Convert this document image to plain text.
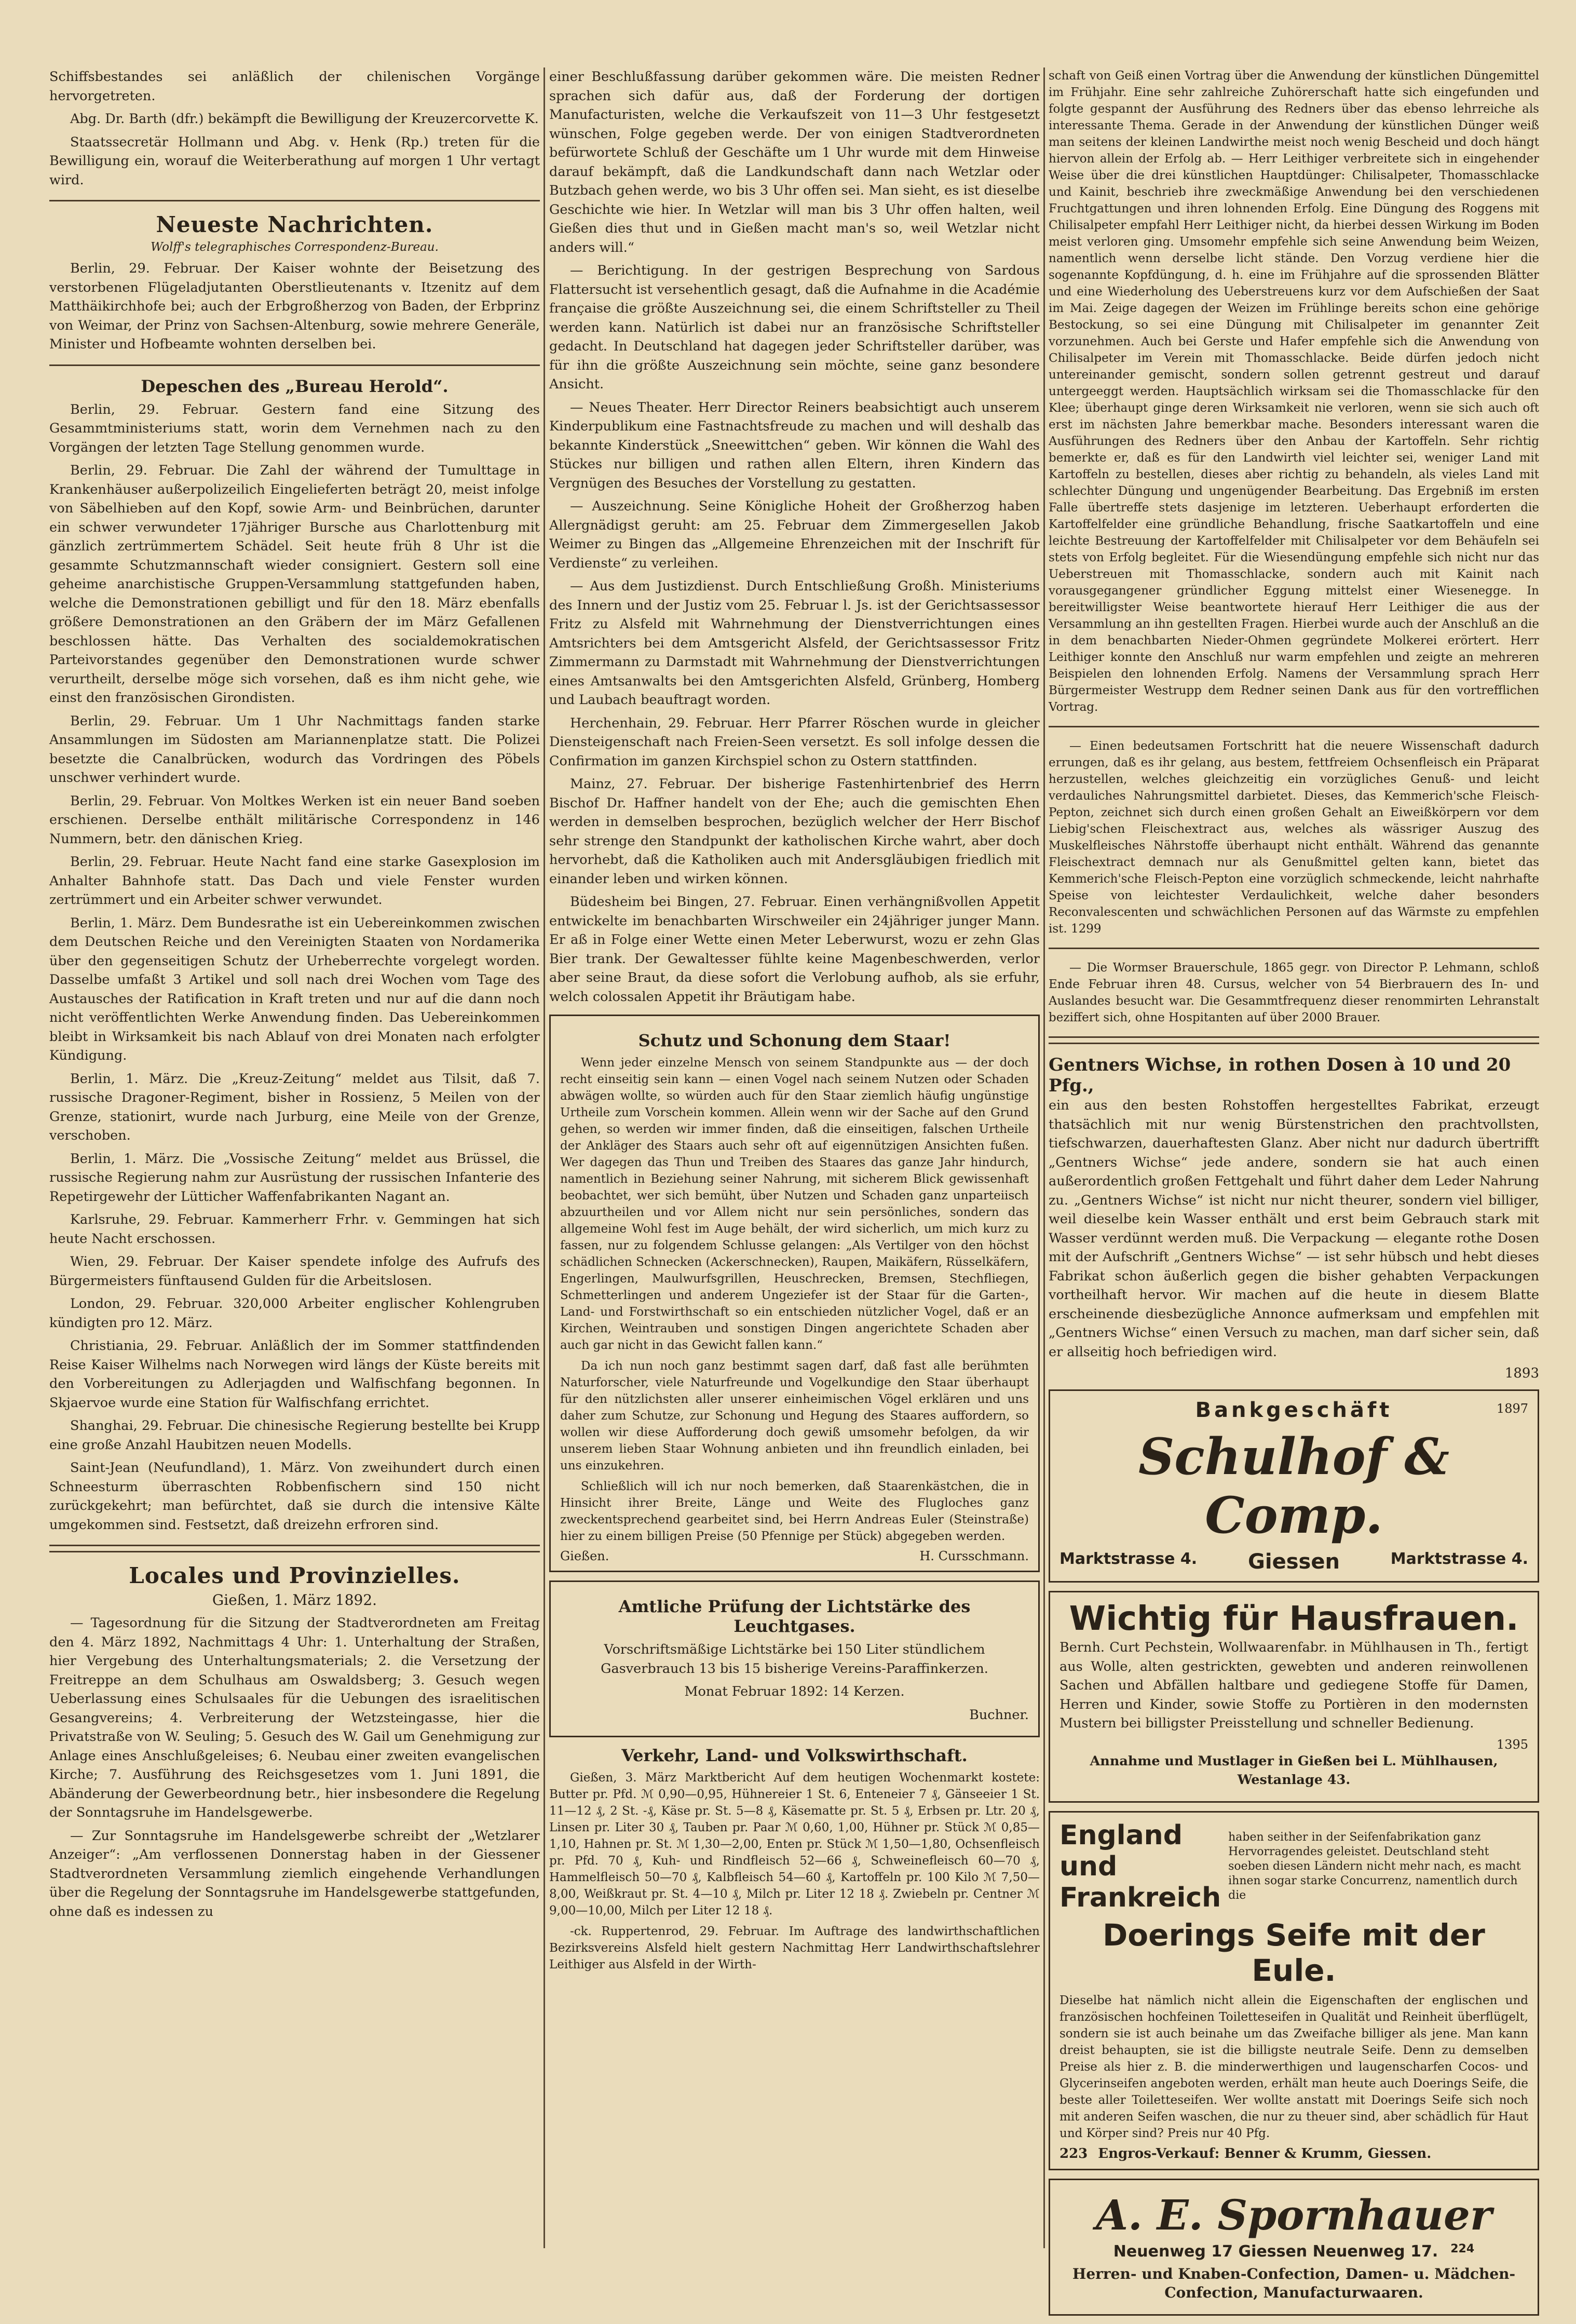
Schiffsbestandes sei anläßlich der chilenischen Vorgänge hervorgetreten.

Abg. Dr. Barth (dfr.) bekämpft die Bewilligung der Kreuzercorvette K.

Staatssecretär Hollmann und Abg. v. Henk (Rp.) treten für die Bewilligung ein, worauf die Weiterberathung auf morgen 1 Uhr vertagt wird.

Neueste Nachrichten.
Wolff's telegraphisches Correspondenz-Bureau.

Berlin, 29. Februar. Der Kaiser wohnte der Beisetzung des verstorbenen Flügeladjutanten Oberstlieutenants v. Itzenitz auf dem Matthäikirchhofe bei; auch der Erbgroßherzog von Baden, der Erbprinz von Weimar, der Prinz von Sachsen-Altenburg, sowie mehrere Generäle, Minister und Hofbeamte wohnten derselben bei.

Depeschen des „Bureau Herold“.

Berlin, 29. Februar. Gestern fand eine Sitzung des Gesammtministeriums statt, worin dem Vernehmen nach zu den Vorgängen der letzten Tage Stellung genommen wurde.

Berlin, 29. Februar. Die Zahl der während der Tumulttage in Krankenhäuser außerpolizeilich Eingelieferten beträgt 20, meist infolge von Säbelhieben auf den Kopf, sowie Arm- und Beinbrüchen, darunter ein schwer verwundeter 17jähriger Bursche aus Charlottenburg mit gänzlich zertrümmertem Schädel. Seit heute früh 8 Uhr ist die gesammte Schutzmannschaft wieder consigniert. Gestern soll eine geheime anarchistische Gruppen-Versammlung stattgefunden haben, welche die Demonstrationen gebilligt und für den 18. März ebenfalls größere Demonstrationen an den Gräbern der im März Gefallenen beschlossen hätte. Das Verhalten des socialdemokratischen Parteivorstandes gegenüber den Demonstrationen wurde schwer verurtheilt, derselbe möge sich vorsehen, daß es ihm nicht gehe, wie einst den französischen Girondisten.

Berlin, 29. Februar. Um 1 Uhr Nachmittags fanden starke Ansammlungen im Südosten am Mariannenplatze statt. Die Polizei besetzte die Canalbrücken, wodurch das Vordringen des Pöbels unschwer verhindert wurde.

Berlin, 29. Februar. Von Moltkes Werken ist ein neuer Band soeben erschienen. Derselbe enthält militärische Correspondenz in 146 Nummern, betr. den dänischen Krieg.

Berlin, 29. Februar. Heute Nacht fand eine starke Gasexplosion im Anhalter Bahnhofe statt. Das Dach und viele Fenster wurden zertrümmert und ein Arbeiter schwer verwundet.

Berlin, 1. März. Dem Bundesrathe ist ein Uebereinkommen zwischen dem Deutschen Reiche und den Vereinigten Staaten von Nordamerika über den gegenseitigen Schutz der Urheberrechte vorgelegt worden. Dasselbe umfaßt 3 Artikel und soll nach drei Wochen vom Tage des Austausches der Ratification in Kraft treten und nur auf die dann noch nicht veröffentlichten Werke Anwendung finden. Das Uebereinkommen bleibt in Wirksamkeit bis nach Ablauf von drei Monaten nach erfolgter Kündigung.

Berlin, 1. März. Die „Kreuz-Zeitung“ meldet aus Tilsit, daß 7. russische Dragoner-Regiment, bisher in Rossienz, 5 Meilen von der Grenze, stationirt, wurde nach Jurburg, eine Meile von der Grenze, verschoben.

Berlin, 1. März. Die „Vossische Zeitung“ meldet aus Brüssel, die russische Regierung nahm zur Ausrüstung der russischen Infanterie des Repetirgewehr der Lütticher Waffenfabrikanten Nagant an.

Karlsruhe, 29. Februar. Kammerherr Frhr. v. Gemmingen hat sich heute Nacht erschossen.

Wien, 29. Februar. Der Kaiser spendete infolge des Aufrufs des Bürgermeisters fünftausend Gulden für die Arbeitslosen.

London, 29. Februar. 320,000 Arbeiter englischer Kohlengruben kündigten pro 12. März.

Christiania, 29. Februar. Anläßlich der im Sommer stattfindenden Reise Kaiser Wilhelms nach Norwegen wird längs der Küste bereits mit den Vorbereitungen zu Adlerjagden und Walfischfang begonnen. In Skjaervoe wurde eine Station für Walfischfang errichtet.

Shanghai, 29. Februar. Die chinesische Regierung bestellte bei Krupp eine große Anzahl Haubitzen neuen Modells.

Saint-Jean (Neufundland), 1. März. Von zweihundert durch einen Schneesturm überraschten Robbenfischern sind 150 nicht zurückgekehrt; man befürchtet, daß sie durch die intensive Kälte umgekommen sind. Festsetzt, daß dreizehn erfroren sind.

Locales und Provinzielles.
Gießen, 1. März 1892.

— Tagesordnung für die Sitzung der Stadtverordneten am Freitag den 4. März 1892, Nachmittags 4 Uhr: 1. Unterhaltung der Straßen, hier Vergebung des Unterhaltungsmaterials; 2. die Versetzung der Freitreppe an dem Schulhaus am Oswaldsberg; 3. Gesuch wegen Ueberlassung eines Schulsaales für die Uebungen des israelitischen Gesangvereins; 4. Verbreiterung der Wetzsteingasse, hier die Privatstraße von W. Seuling; 5. Gesuch des W. Gail um Genehmigung zur Anlage eines Anschlußgeleises; 6. Neubau einer zweiten evangelischen Kirche; 7. Ausführung des Reichsgesetzes vom 1. Juni 1891, die Abänderung der Gewerbeordnung betr., hier insbesondere die Regelung der Sonntagsruhe im Handelsgewerbe.

— Zur Sonntagsruhe im Handelsgewerbe schreibt der „Wetzlarer Anzeiger“: „Am verflossenen Donnerstag haben in der Giessener Stadtverordneten Versammlung ziemlich eingehende Verhandlungen über die Regelung der Sonntagsruhe im Handelsgewerbe stattgefunden, ohne daß es indessen zu

einer Beschlußfassung darüber gekommen wäre. Die meisten Redner sprachen sich dafür aus, daß der Forderung der dortigen Manufacturisten, welche die Verkaufszeit von 11—3 Uhr festgesetzt wünschen, Folge gegeben werde. Der von einigen Stadtverordneten befürwortete Schluß der Geschäfte um 1 Uhr wurde mit dem Hinweise darauf bekämpft, daß die Landkundschaft dann nach Wetzlar oder Butzbach gehen werde, wo bis 3 Uhr offen sei. Man sieht, es ist dieselbe Geschichte wie hier. In Wetzlar will man bis 3 Uhr offen halten, weil Gießen dies thut und in Gießen macht man's so, weil Wetzlar nicht anders will.“

— Berichtigung. In der gestrigen Besprechung von Sardous Flattersucht ist versehentlich gesagt, daß die Aufnahme in die Académie française die größte Auszeichnung sei, die einem Schriftsteller zu Theil werden kann. Natürlich ist dabei nur an französische Schriftsteller gedacht. In Deutschland hat dagegen jeder Schriftsteller darüber, was für ihn die größte Auszeichnung sein möchte, seine ganz besondere Ansicht.

— Neues Theater. Herr Director Reiners beabsichtigt auch unserem Kinderpublikum eine Fastnachtsfreude zu machen und will deshalb das bekannte Kinderstück „Sneewittchen“ geben. Wir können die Wahl des Stückes nur billigen und rathen allen Eltern, ihren Kindern das Vergnügen des Besuches der Vorstellung zu gestatten.

— Auszeichnung. Seine Königliche Hoheit der Großherzog haben Allergnädigst geruht: am 25. Februar dem Zimmergesellen Jakob Weimer zu Bingen das „Allgemeine Ehrenzeichen mit der Inschrift für Verdienste“ zu verleihen.

— Aus dem Justizdienst. Durch Entschließung Großh. Ministeriums des Innern und der Justiz vom 25. Februar l. Js. ist der Gerichtsassessor Fritz zu Alsfeld mit Wahrnehmung der Dienstverrichtungen eines Amtsrichters bei dem Amtsgericht Alsfeld, der Gerichtsassessor Fritz Zimmermann zu Darmstadt mit Wahrnehmung der Dienstverrichtungen eines Amtsanwalts bei den Amtsgerichten Alsfeld, Grünberg, Homberg und Laubach beauftragt worden.

Herchenhain, 29. Februar. Herr Pfarrer Röschen wurde in gleicher Diensteigenschaft nach Freien-Seen versetzt. Es soll infolge dessen die Confirmation im ganzen Kirchspiel schon zu Ostern stattfinden.

Mainz, 27. Februar. Der bisherige Fastenhirtenbrief des Herrn Bischof Dr. Haffner handelt von der Ehe; auch die gemischten Ehen werden in demselben besprochen, bezüglich welcher der Herr Bischof sehr strenge den Standpunkt der katholischen Kirche wahrt, aber doch hervorhebt, daß die Katholiken auch mit Andersgläubigen friedlich mit einander leben und wirken können.

Büdesheim bei Bingen, 27. Februar. Einen verhängnißvollen Appetit entwickelte im benachbarten Wirschweiler ein 24jähriger junger Mann. Er aß in Folge einer Wette einen Meter Leberwurst, wozu er zehn Glas Bier trank. Der Gewaltesser fühlte keine Magenbeschwerden, verlor aber seine Braut, da diese sofort die Verlobung aufhob, als sie erfuhr, welch colossalen Appetit ihr Bräutigam habe.

Schutz und Schonung dem Staar!

Wenn jeder einzelne Mensch von seinem Standpunkte aus — der doch recht einseitig sein kann — einen Vogel nach seinem Nutzen oder Schaden abwägen wollte, so würden auch für den Staar ziemlich häufig ungünstige Urtheile zum Vorschein kommen. Allein wenn wir der Sache auf den Grund gehen, so werden wir immer finden, daß die einseitigen, falschen Urtheile der Ankläger des Staars auch sehr oft auf eigennützigen Ansichten fußen. Wer dagegen das Thun und Treiben des Staares das ganze Jahr hindurch, namentlich in Beziehung seiner Nahrung, mit sicherem Blick gewissenhaft beobachtet, wer sich bemüht, über Nutzen und Schaden ganz unparteiisch abzuurtheilen und vor Allem nicht nur sein persönliches, sondern das allgemeine Wohl fest im Auge behält, der wird sicherlich, um mich kurz zu fassen, nur zu folgendem Schlusse gelangen: „Als Vertilger von den höchst schädlichen Schnecken (Ackerschnecken), Raupen, Maikäfern, Rüsselkäfern, Engerlingen, Maulwurfsgrillen, Heuschrecken, Bremsen, Stechfliegen, Schmetterlingen und anderem Ungeziefer ist der Staar für die Garten-, Land- und Forstwirthschaft so ein entschieden nützlicher Vogel, daß er an Kirchen, Weintrauben und sonstigen Dingen angerichtete Schaden aber auch gar nicht in das Gewicht fallen kann.“

Da ich nun noch ganz bestimmt sagen darf, daß fast alle berühmten Naturforscher, viele Naturfreunde und Vogelkundige den Staar überhaupt für den nützlichsten aller unserer einheimischen Vögel erklären und uns daher zum Schutze, zur Schonung und Hegung des Staares auffordern, so wollen wir diese Aufforderung doch gewiß umsomehr befolgen, da wir unserem lieben Staar Wohnung anbieten und ihn freundlich einladen, bei uns einzukehren.

Schließlich will ich nur noch bemerken, daß Staarenkästchen, die in Hinsicht ihrer Breite, Länge und Weite des Flugloches ganz zweckentsprechend gearbeitet sind, bei Herrn Andreas Euler (Steinstraße) hier zu einem billigen Preise (50 Pfennige per Stück) abgegeben werden.

Gießen.	H. Cursschmann.
Amtliche Prüfung der Lichtstärke des Leuchtgases.

Vorschriftsmäßige Lichtstärke bei 150 Liter stündlichem Gasverbrauch 13 bis 15 bisherige Vereins-Paraffinkerzen.

Monat Februar 1892: 14 Kerzen.

Buchner.

Verkehr, Land- und Volkswirthschaft.

Gießen, 3. März Marktbericht Auf dem heutigen Wochenmarkt kostete: Butter pr. Pfd. ℳ 0,90—0,95, Hühnereier 1 St. 6, Enteneier 7 ₰, Gänseeier 1 St. 11—12 ₰, 2 St. -₰, Käse pr. St. 5—8 ₰, Käsematte pr. St. 5 ₰, Erbsen pr. Ltr. 20 ₰, Linsen pr. Liter 30 ₰, Tauben pr. Paar ℳ 0,60, 1,00, Hühner pr. Stück ℳ 0,85—1,10, Hahnen pr. St. ℳ 1,30—2,00, Enten pr. Stück ℳ 1,50—1,80, Ochsenfleisch pr. Pfd. 70 ₰, Kuh- und Rindfleisch 52—66 ₰, Schweinefleisch 60—70 ₰, Hammelfleisch 50—70 ₰, Kalbfleisch 54—60 ₰, Kartoffeln pr. 100 Kilo ℳ 7,50—8,00, Weißkraut pr. St. 4—10 ₰, Milch pr. Liter 12 18 ₰. Zwiebeln pr. Centner ℳ 9,00—10,00, Milch per Liter 12 18 ₰.

-ck. Ruppertenrod, 29. Februar. Im Auftrage des landwirthschaftlichen Bezirksvereins Alsfeld hielt gestern Nachmittag Herr Landwirthschaftslehrer Leithiger aus Alsfeld in der Wirth-

schaft von Geiß einen Vortrag über die Anwendung der künstlichen Düngemittel im Frühjahr. Eine sehr zahlreiche Zuhörerschaft hatte sich eingefunden und folgte gespannt der Ausführung des Redners über das ebenso lehrreiche als interessante Thema. Gerade in der Anwendung der künstlichen Dünger weiß man seitens der kleinen Landwirthe meist noch wenig Bescheid und doch hängt hiervon allein der Erfolg ab. — Herr Leithiger verbreitete sich in eingehender Weise über die drei künstlichen Hauptdünger: Chilisalpeter, Thomasschlacke und Kainit, beschrieb ihre zweckmäßige Anwendung bei den verschiedenen Fruchtgattungen und ihren lohnenden Erfolg. Eine Düngung des Roggens mit Chilisalpeter empfahl Herr Leithiger nicht, da hierbei dessen Wirkung im Boden meist verloren ging. Umsomehr empfehle sich seine Anwendung beim Weizen, namentlich wenn derselbe licht stände. Den Vorzug verdiene hier die sogenannte Kopfdüngung, d. h. eine im Frühjahre auf die sprossenden Blätter und eine Wiederholung des Ueberstreuens kurz vor dem Aufschießen der Saat im Mai. Zeige dagegen der Weizen im Frühlinge bereits schon eine gehörige Bestockung, so sei eine Düngung mit Chilisalpeter im genannter Zeit vorzunehmen. Auch bei Gerste und Hafer empfehle sich die Anwendung von Chilisalpeter im Verein mit Thomasschlacke. Beide dürfen jedoch nicht untereinander gemischt, sondern sollen getrennt gestreut und darauf untergeeggt werden. Hauptsächlich wirksam sei die Thomasschlacke für den Klee; überhaupt ginge deren Wirksamkeit nie verloren, wenn sie sich auch oft erst im nächsten Jahre bemerkbar mache. Besonders interessant waren die Ausführungen des Redners über den Anbau der Kartoffeln. Sehr richtig bemerkte er, daß es für den Landwirth viel leichter sei, weniger Land mit Kartoffeln zu bestellen, dieses aber richtig zu behandeln, als vieles Land mit schlechter Düngung und ungenügender Bearbeitung. Das Ergebniß im ersten Falle übertreffe stets dasjenige im letzteren. Ueberhaupt erforderten die Kartoffelfelder eine gründliche Behandlung, frische Saatkartoffeln und eine leichte Bestreuung der Kartoffelfelder mit Chilisalpeter vor dem Behäufeln sei stets von Erfolg begleitet. Für die Wiesendüngung empfehle sich nicht nur das Ueberstreuen mit Thomasschlacke, sondern auch mit Kainit nach vorausgegangener gründlicher Eggung mittelst einer Wiesenegge. In bereitwilligster Weise beantwortete hierauf Herr Leithiger die aus der Versammlung an ihn gestellten Fragen. Hierbei wurde auch der Anschluß an die in dem benachbarten Nieder-Ohmen gegründete Molkerei erörtert. Herr Leithiger konnte den Anschluß nur warm empfehlen und zeigte an mehreren Beispielen den lohnenden Erfolg. Namens der Versammlung sprach Herr Bürgermeister Westrupp dem Redner seinen Dank aus für den vortrefflichen Vortrag.

— Einen bedeutsamen Fortschritt hat die neuere Wissenschaft dadurch errungen, daß es ihr gelang, aus bestem, fettfreiem Ochsenfleisch ein Präparat herzustellen, welches gleichzeitig ein vorzügliches Genuß- und leicht verdauliches Nahrungsmittel darbietet. Dieses, das Kemmerich'sche Fleisch-Pepton, zeichnet sich durch einen großen Gehalt an Eiweißkörpern vor dem Liebig'schen Fleischextract aus, welches als wässriger Auszug des Muskelfleisches Nährstoffe überhaupt nicht enthält. Während das genannte Fleischextract demnach nur als Genußmittel gelten kann, bietet das Kemmerich'sche Fleisch-Pepton eine vorzüglich schmeckende, leicht nahrhafte Speise von leichtester Verdaulichkeit, welche daher besonders Reconvalescenten und schwächlichen Personen auf das Wärmste zu empfehlen ist. 1299

— Die Wormser Brauerschule, 1865 gegr. von Director P. Lehmann, schloß Ende Februar ihren 48. Cursus, welcher von 54 Bierbrauern des In- und Auslandes besucht war. Die Gesammtfrequenz dieser renommirten Lehranstalt beziffert sich, ohne Hospitanten auf über 2000 Brauer.

Gentners Wichse, in rothen Dosen à 10 und 20 Pfg.,

ein aus den besten Rohstoffen hergestelltes Fabrikat, erzeugt thatsächlich mit nur wenig Bürstenstrichen den prachtvollsten, tiefschwarzen, dauerhaftesten Glanz. Aber nicht nur dadurch übertrifft „Gentners Wichse“ jede andere, sondern sie hat auch einen außerordentlich großen Fettgehalt und führt daher dem Leder Nahrung zu. „Gentners Wichse“ ist nicht nur nicht theurer, sondern viel billiger, weil dieselbe kein Wasser enthält und erst beim Gebrauch stark mit Wasser verdünnt werden muß. Die Verpackung — elegante rothe Dosen mit der Aufschrift „Gentners Wichse“ — ist sehr hübsch und hebt dieses Fabrikat schon äußerlich gegen die bisher gehabten Verpackungen vortheilhaft hervor. Wir machen auf die heute in diesem Blatte erscheinende diesbezügliche Annonce aufmerksam und empfehlen mit „Gentners Wichse“ einen Versuch zu machen, man darf sicher sein, daß er allseitig hoch befriedigen wird.

1893
Bankgeschäft	1897
Schulhof & Comp.
Marktstrasse 4. Giessen	Marktstrasse 4.
Wichtig für Hausfrauen.

Bernh. Curt Pechstein, Wollwaarenfabr. in Mühlhausen in Th., fertigt aus Wolle, alten gestrickten, gewebten und anderen reinwollenen Sachen und Abfällen haltbare und gediegene Stoffe für Damen, Herren und Kinder, sowie Stoffe zu Portièren in den modernsten Mustern bei billigster Preisstellung und schneller Bedienung.

1395

Annahme und Mustlager in Gießen bei L. Mühlhausen, Westanlage 43.

England und Frankreich
haben seither in der Seifenfabrikation ganz Hervorragendes geleistet. Deutschland steht soeben diesen Ländern nicht mehr nach, es macht ihnen sogar starke Concurrenz, namentlich durch die
Doerings Seife mit der Eule.

Dieselbe hat nämlich nicht allein die Eigenschaften der englischen und französischen hochfeinen Toiletteseifen in Qualität und Reinheit überflügelt, sondern sie ist auch beinahe um das Zweifache billiger als jene. Man kann dreist behaupten, sie ist die billigste neutrale Seife. Denn zu demselben Preise als hier z. B. die minderwerthigen und laugenscharfen Cocos- und Glycerinseifen angeboten werden, erhält man heute auch Doerings Seife, die beste aller Toiletteseifen. Wer wollte anstatt mit Doerings Seife sich noch mit anderen Seifen waschen, die nur zu theuer sind, aber schädlich für Haut und Körper sind? Preis nur 40 Pfg.

223 Engros-Verkauf: Benner & Krumm, Giessen.
A. E. Spornhauer
Neuenweg 17 Giessen Neuenweg 17. 224

Herren- und Knaben-Confection, Damen- u. Mädchen-Confection, Manufacturwaaren.
